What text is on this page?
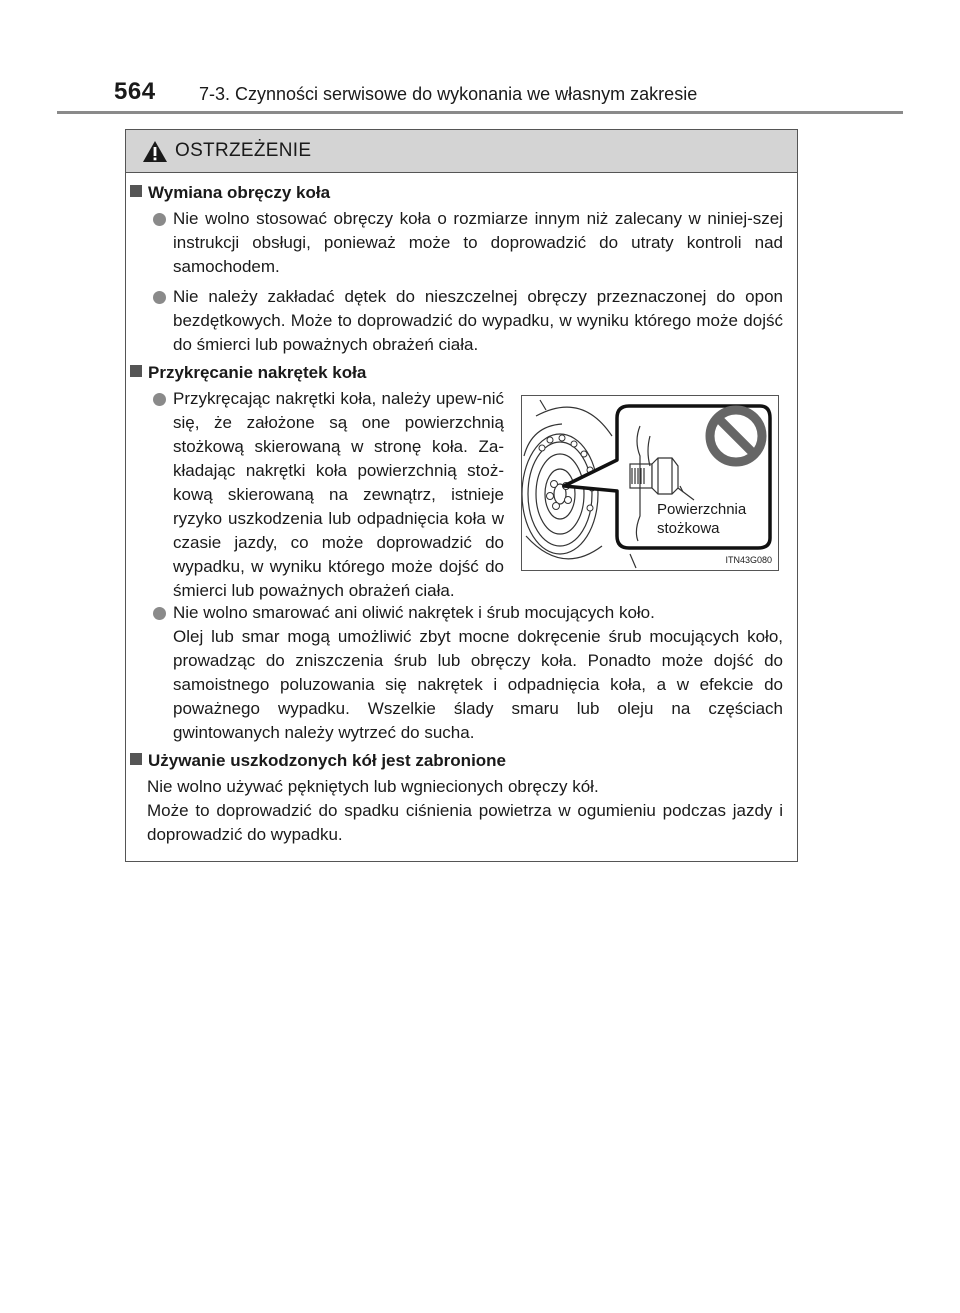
564 7-3. Czynności serwisowe do wykonania we własnym zakresie
OSTRZEŻENIE
Wymiana obręczy koła
Nie wolno stosować obręczy koła o rozmiarze innym niż zalecany w niniej-szej instrukcji obsługi, ponieważ może to doprowadzić do utraty kontroli nad samochodem.
Nie należy zakładać dętek do nieszczelnej obręczy przeznaczonej do opon bezdętkowych. Może to doprowadzić do wypadku, w wyniku którego może dojść do śmierci lub poważnych obrażeń ciała.
Przykręcanie nakrętek koła
Przykręcając nakrętki koła, należy upew-nić się, że założone są one powierzchnią stożkową skierowaną w stronę koła. Za-kładając nakrętki koła powierzchnią stoż-kową skierowaną na zewnątrz, istnieje ryzyko uszkodzenia lub odpadnięcia koła w czasie jazdy, co może doprowadzić do wypadku, w wyniku którego może dojść do śmierci lub poważnych obrażeń ciała.
Powierzchnia
stożkowa
ITN43G080
Nie wolno smarować ani oliwić nakrętek i śrub mocujących koło.
Olej lub smar mogą umożliwić zbyt mocne dokręcenie śrub mocujących koło, prowadząc do zniszczenia śrub lub obręczy koła. Ponadto może dojść do samoistnego poluzowania się nakrętek i odpadnięcia koła, a w efekcie do poważnego wypadku. Wszelkie ślady smaru lub oleju na częściach gwintowanych należy wytrzeć do sucha.
Używanie uszkodzonych kół jest zabronione
Nie wolno używać pękniętych lub wgniecionych obręczy kół.
Może to doprowadzić do spadku ciśnienia powietrza w ogumieniu podczas jazdy i doprowadzić do wypadku.
